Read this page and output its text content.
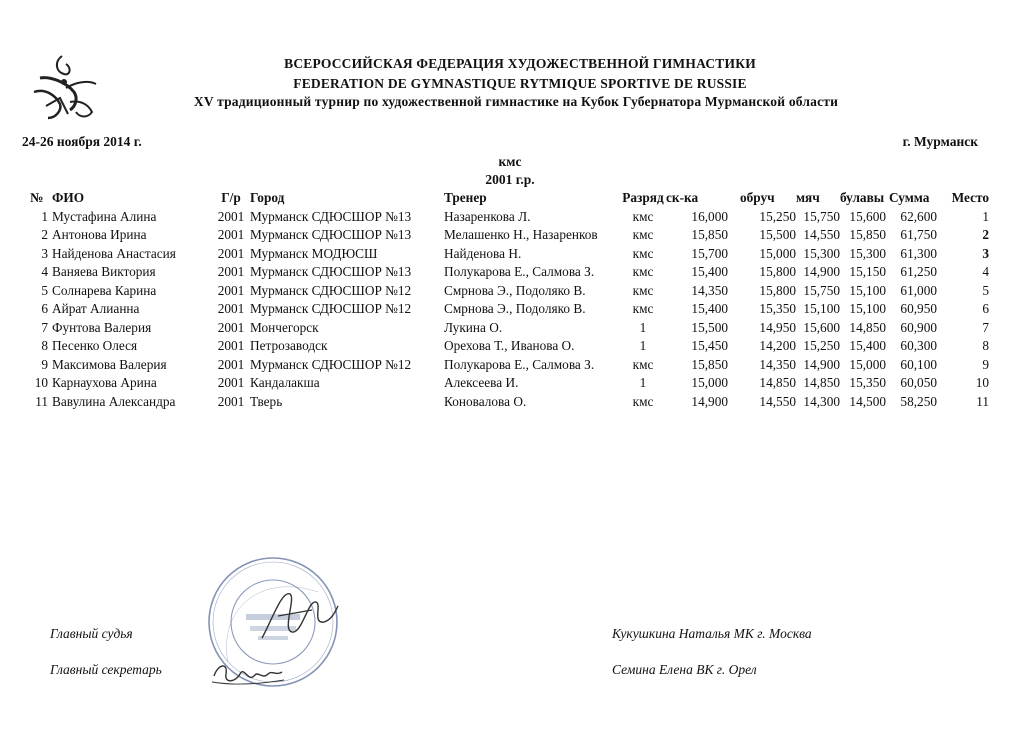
ВСЕРОССИЙСКАЯ ФЕДЕРАЦИЯ ХУДОЖЕСТВЕННОЙ ГИМНАСТИКИ
FEDERATION DE GYMNASTIQUE RYTMIQUE SPORTIVE DE RUSSIE
XV традиционный турнир по художественной гимнастике на Кубок Губернатора Мурманской области
24-26 ноября 2014 г.	г. Мурманск
кмс
2001 г.р.
№	ФИО	Г/р	Город	Тренер	Разряд	ск-ка	обруч	мяч	булавы	Сумма	Место
1	Мустафина Алина	2001	Мурманск СДЮСШОР №13	Назаренкова Л.	кмс	16,000	15,250	15,750	15,600	62,600	1
2	Антонова Ирина	2001	Мурманск СДЮСШОР №13	Мелашенко Н., Назаренков	кмс	15,850	15,500	14,550	15,850	61,750	2
3	Найденова Анастасия	2001	Мурманск МОДЮСШ	Найденова Н.	кмс	15,700	15,000	15,300	15,300	61,300	3
4	Ваняева Виктория	2001	Мурманск СДЮСШОР №13	Полукарова Е., Салмова З.	кмс	15,400	15,800	14,900	15,150	61,250	4
5	Солнарева Карина	2001	Мурманск СДЮСШОР №12	Смрнова Э., Подоляко В.	кмс	14,350	15,800	15,750	15,100	61,000	5
6	Айрат Алианна	2001	Мурманск СДЮСШОР №12	Смрнова Э., Подоляко В.	кмс	15,400	15,350	15,100	15,100	60,950	6
7	Фунтова Валерия	2001	Мончегорск	Лукина О.	1	15,500	14,950	15,600	14,850	60,900	7
8	Песенко Олеся	2001	Петрозаводск	Орехова Т., Иванова О.	1	15,450	14,200	15,250	15,400	60,300	8
9	Максимова Валерия	2001	Мурманск СДЮСШОР №12	Полукарова Е., Салмова З.	кмс	15,850	14,350	14,900	15,000	60,100	9
10	Карнаухова Арина	2001	Кандалакша	Алексеева И.	1	15,000	14,850	14,850	15,350	60,050	10
11	Вавулина Александра	2001	Тверь	Коновалова О.	кмс	14,900	14,550	14,300	14,500	58,250	11
Главный судья
Главный секретарь
Кукушкина Наталья МК г. Москва
Семина Елена ВК г. Орел
